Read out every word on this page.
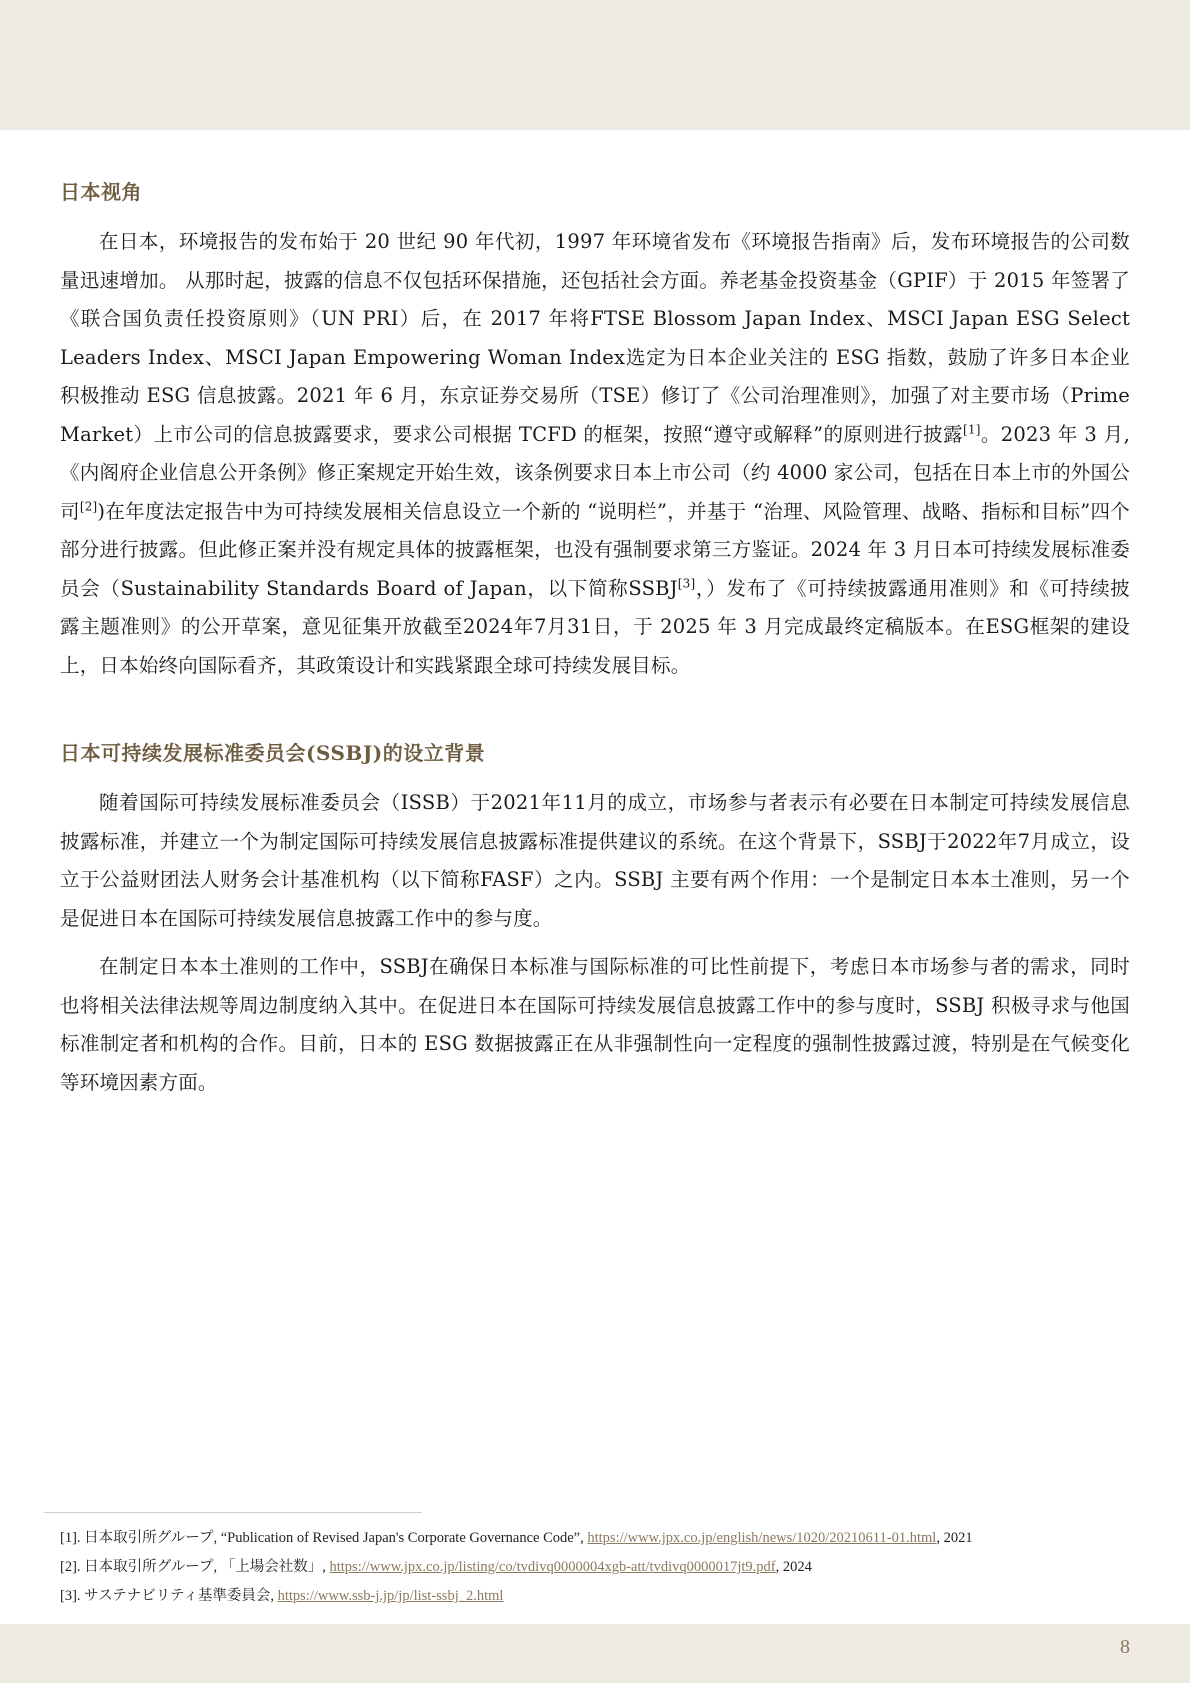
日本视角

在日本，环境报告的发布始于 20 世纪 90 年代初，1997 年环境省发布《环境报告指南》后，发布环境报告的公司数量迅速增加。 从那时起，披露的信息不仅包括环保措施，还包括社会方面。养老基金投资基金（GPIF）于 2015 年签署了《联合国负责任投资原则》（UN PRI）后，在 2017 年将FTSE Blossom Japan Index、MSCI Japan ESG Select Leaders Index、MSCI Japan Empowering Woman Index选定为日本企业关注的 ESG 指数，鼓励了许多日本企业积极推动 ESG 信息披露。2021 年 6 月，东京证券交易所（TSE）修订了《公司治理准则》，加强了对主要市场（Prime Market）上市公司的信息披露要求，要求公司根据 TCFD 的框架，按照“遵守或解释”的原则进行披露[1]。2023 年 3 月,《内阁府企业信息公开条例》修正案规定开始生效，该条例要求日本上市公司（约 4000 家公司，包括在日本上市的外国公司[2])在年度法定报告中为可持续发展相关信息设立一个新的 “说明栏”，并基于 “治理、风险管理、战略、指标和目标”四个部分进行披露。但此修正案并没有规定具体的披露框架，也没有强制要求第三方鉴证。2024 年 3 月日本可持续发展标准委员会（Sustainability Standards Board of Japan，以下简称SSBJ[3]，）发布了《可持续披露通用准则》和《可持续披露主题准则》的公开草案，意见征集开放截至2024年7月31日，于 2025 年 3 月完成最终定稿版本。在ESG框架的建设上，日本始终向国际看齐，其政策设计和实践紧跟全球可持续发展目标。

日本可持续发展标准委员会(SSBJ)的设立背景

随着国际可持续发展标准委员会（ISSB）于2021年11月的成立，市场参与者表示有必要在日本制定可持续发展信息披露标准，并建立一个为制定国际可持续发展信息披露标准提供建议的系统。在这个背景下，SSBJ于2022年7月成立，设立于公益财团法人财务会计基准机构（以下简称FASF）之内。SSBJ 主要有两个作用：一个是制定日本本土准则，另一个是促进日本在国际可持续发展信息披露工作中的参与度。

在制定日本本土准则的工作中，SSBJ在确保日本标准与国际标准的可比性前提下，考虑日本市场参与者的需求，同时也将相关法律法规等周边制度纳入其中。在促进日本在国际可持续发展信息披露工作中的参与度时，SSBJ 积极寻求与他国标准制定者和机构的合作。目前，日本的 ESG 数据披露正在从非强制性向一定程度的强制性披露过渡，特别是在气候变化等环境因素方面。

[1]. 日本取引所グループ, “Publication of Revised Japan's Corporate Governance Code”, https://www.jpx.co.jp/english/news/1020/20210611-01.html, 2021
[2]. 日本取引所グループ, 「上場会社数」, https://www.jpx.co.jp/listing/co/tvdivq0000004xgb-att/tvdivq0000017jt9.pdf, 2024
[3]. サステナビリティ基準委員会, https://www.ssb-j.jp/jp/list-ssbj_2.html
8
